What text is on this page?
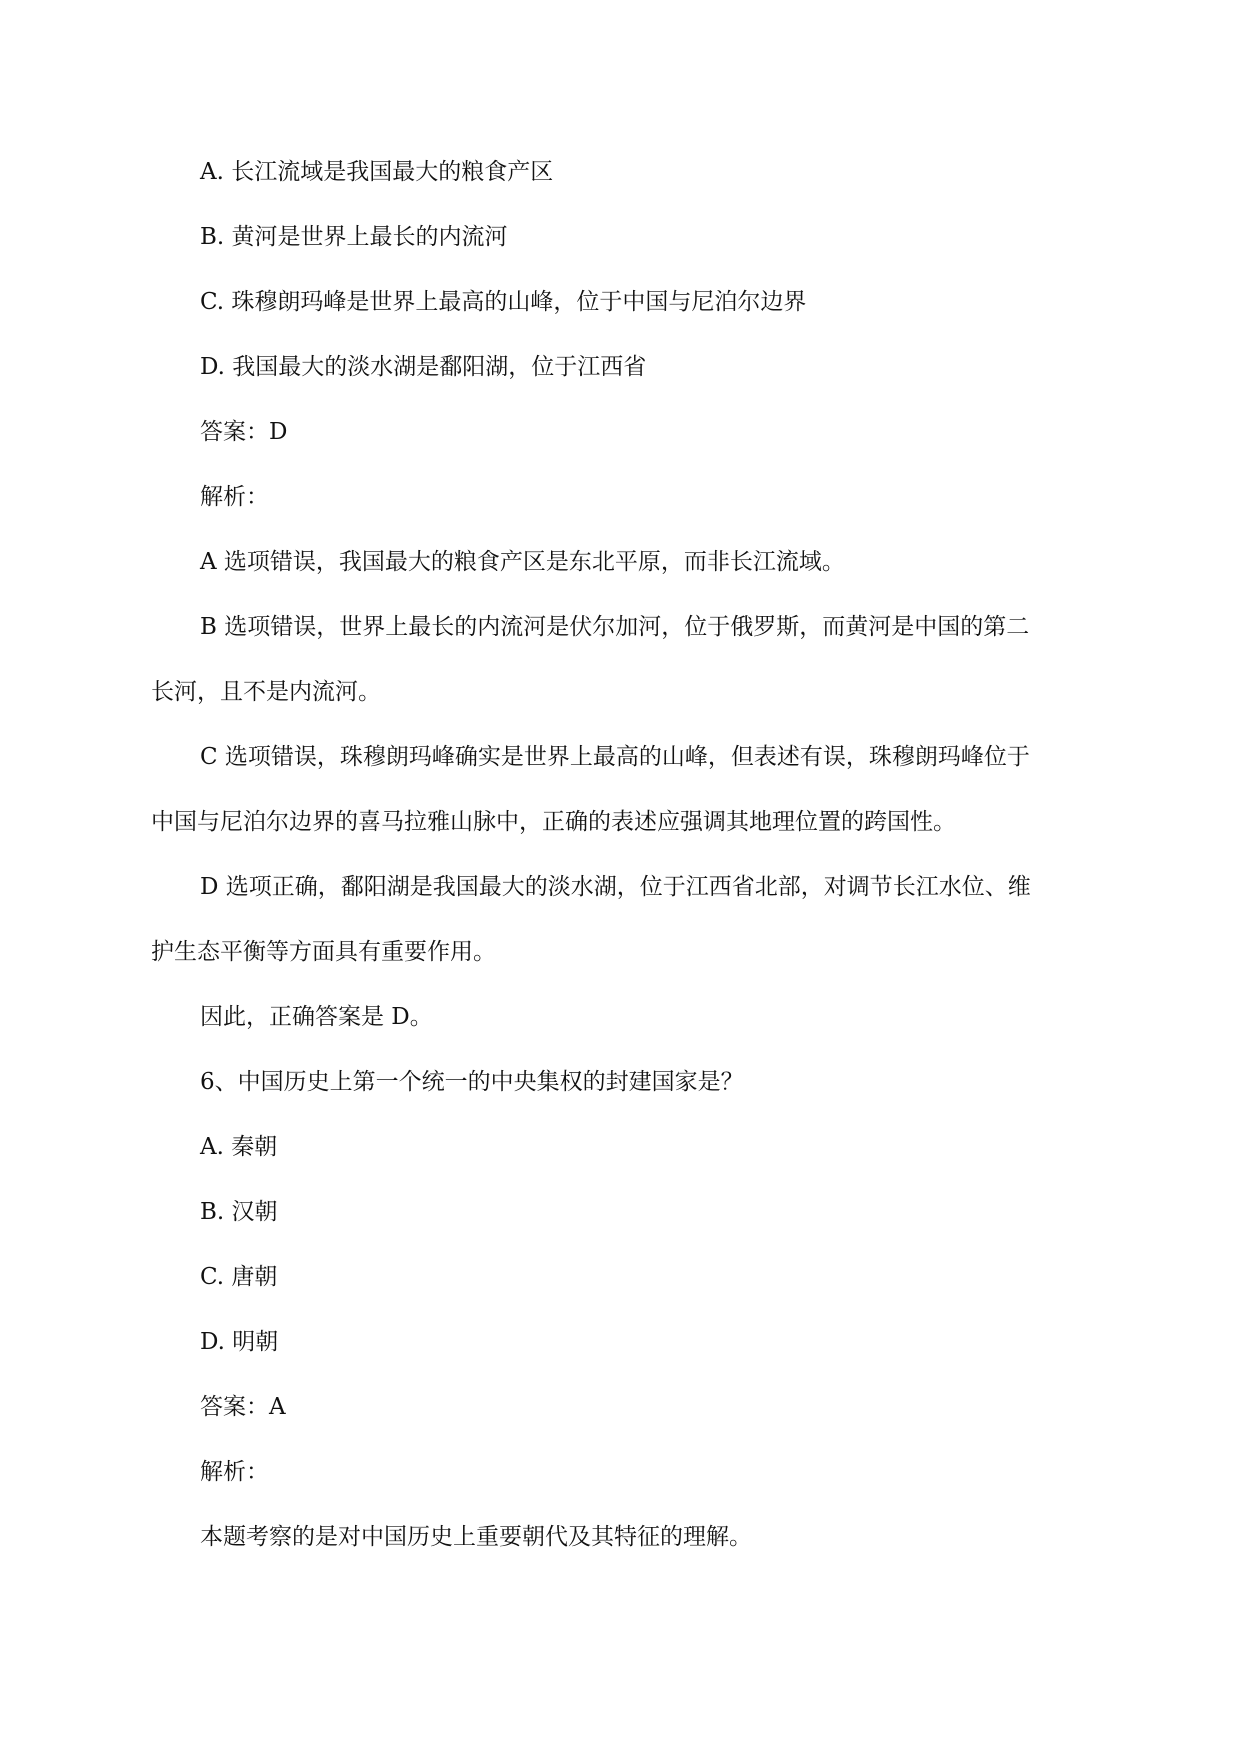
A. 长江流域是我国最大的粮食产区

B. 黄河是世界上最长的内流河

C. 珠穆朗玛峰是世界上最高的山峰，位于中国与尼泊尔边界

D. 我国最大的淡水湖是鄱阳湖，位于江西省

答案：D

解析：

A 选项错误，我国最大的粮食产区是东北平原，而非长江流域。
B 选项错误，世界上最长的内流河是伏尔加河，位于俄罗斯，而黄河是中国的第二
长河，且不是内流河。
C 选项错误，珠穆朗玛峰确实是世界上最高的山峰，但表述有误，珠穆朗玛峰位于
中国与尼泊尔边界的喜马拉雅山脉中，正确的表述应强调其地理位置的跨国性。
D 选项正确，鄱阳湖是我国最大的淡水湖，位于江西省北部，对调节长江水位、维
护生态平衡等方面具有重要作用。

因此，正确答案是 D。

6、中国历史上第一个统一的中央集权的封建国家是？

A. 秦朝

B. 汉朝

C. 唐朝

D. 明朝

答案：A

解析：

本题考察的是对中国历史上重要朝代及其特征的理解。
